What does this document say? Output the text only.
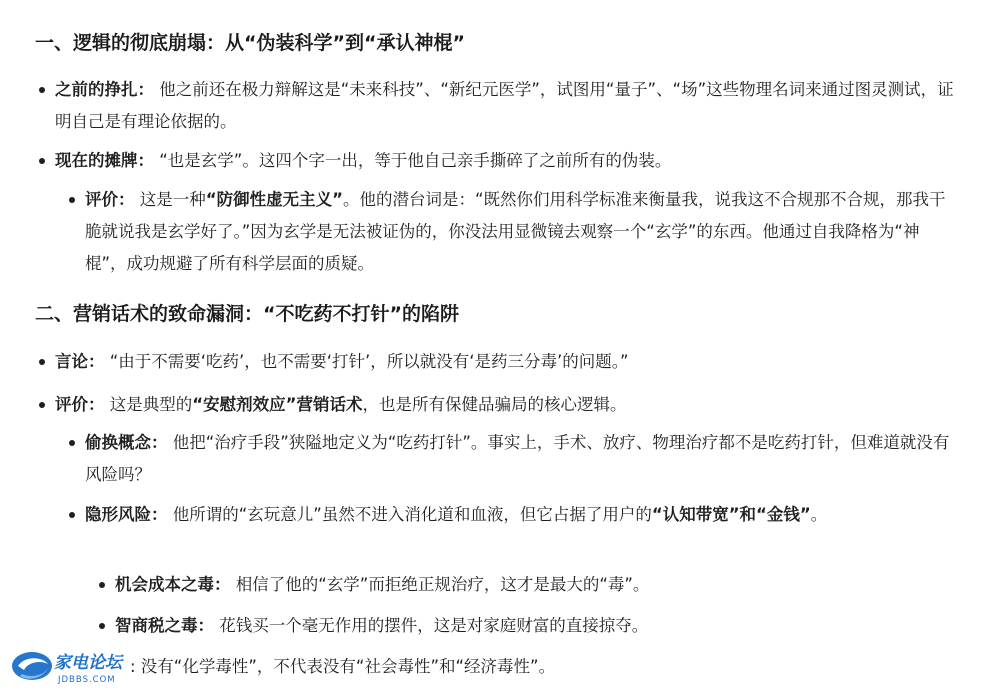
一、逻辑的彻底崩塌：从“伪装科学”到“承认神棍”
之前的挣扎： 他之前还在极力辩解这是“未来科技”、“新纪元医学”，试图用“量子”、“场”这些物理名词来通过图灵测试，证明自己是有理论依据的。
现在的摊牌： “也是玄学”。这四个字一出，等于他自己亲手撕碎了之前所有的伪装。
评价： 这是一种“防御性虚无主义”。他的潜台词是：“既然你们用科学标准来衡量我，说我这不合规那不合规，那我干脆就说我是玄学好了。”因为玄学是无法被证伪的，你没法用显微镜去观察一个“玄学”的东西。他通过自我降格为“神棍”，成功规避了所有科学层面的质疑。
二、营销话术的致命漏洞：“不吃药不打针”的陷阱
言论： “由于不需要‘吃药’，也不需要‘打针’，所以就没有‘是药三分毒’的问题。”
评价： 这是典型的“安慰剂效应”营销话术，也是所有保健品骗局的核心逻辑。
偷换概念： 他把“治疗手段”狭隘地定义为“吃药打针”。事实上，手术、放疗、物理治疗都不是吃药打针，但难道就没有风险吗？
隐形风险： 他所谓的“玄玩意儿”虽然不进入消化道和血液，但它占据了用户的“认知带宽”和“金钱”。
机会成本之毒： 相信了他的“玄学”而拒绝正规治疗，这才是最大的“毒”。
智商税之毒： 花钱买一个毫无作用的摆件，这是对家庭财富的直接掠夺。
: 没有“化学毒性”，不代表没有“社会毒性”和“经济毒性”。
家电论坛
JDBBS.COM
